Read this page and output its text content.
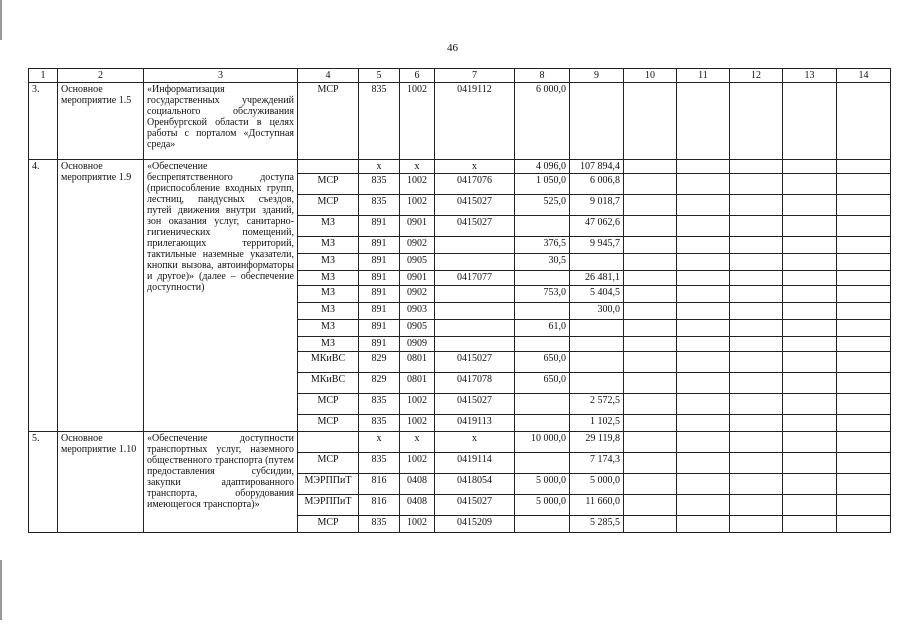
46
1	2	3	4	5	6	7	8	9	10	11	12	13	14
3.	Основное мероприятие 1.5	«Информатизация государственных учреждений социального обслуживания Оренбургской области в целях работы с порталом «Доступная среда»	МСР	835	1002	0419112	6 000,0						
4.	Основное мероприятие 1.9	«Обеспечение беспрепятственного доступа (приспособление входных групп, лестниц, пандусных съездов, путей движения внутри зданий, зон оказания услуг, санитарно-гигиенических помещений, прилегающих территорий, тактильные наземные указатели, кнопки вызова, автоинформаторы и другое)» (далее – обеспечение доступности)		х	х	х	4 096,0	107 894,4					
			МСР	835	1002	0417076	1 050,0	6 006,8					
			МСР	835	1002	0415027	525,0	9 018,7					
			МЗ	891	0901	0415027		47 062,6					
			МЗ	891	0902		376,5	9 945,7					
			МЗ	891	0905		30,5						
			МЗ	891	0901	0417077		26 481,1					
			МЗ	891	0902		753,0	5 404,5					
			МЗ	891	0903			300,0					
			МЗ	891	0905		61,0						
			МЗ	891	0909								
			МКиВС	829	0801	0415027	650,0						
			МКиВС	829	0801	0417078	650,0						
			МСР	835	1002	0415027		2 572,5					
			МСР	835	1002	0419113		1 102,5					
5.	Основное мероприятие 1.10	«Обеспечение доступности транспортных услуг, наземного общественного транспорта (путем предоставления субсидии, закупки адаптированного транспорта, оборудования имеющегося транспорта)»		х	х	х	10 000,0	29 119,8					
			МСР	835	1002	0419114		7 174,3					
			МЭРППиТ	816	0408	0418054	5 000,0	5 000,0					
			МЭРППиТ	816	0408	0415027	5 000,0	11 660,0					
			МСР	835	1002	0415209		5 285,5					
